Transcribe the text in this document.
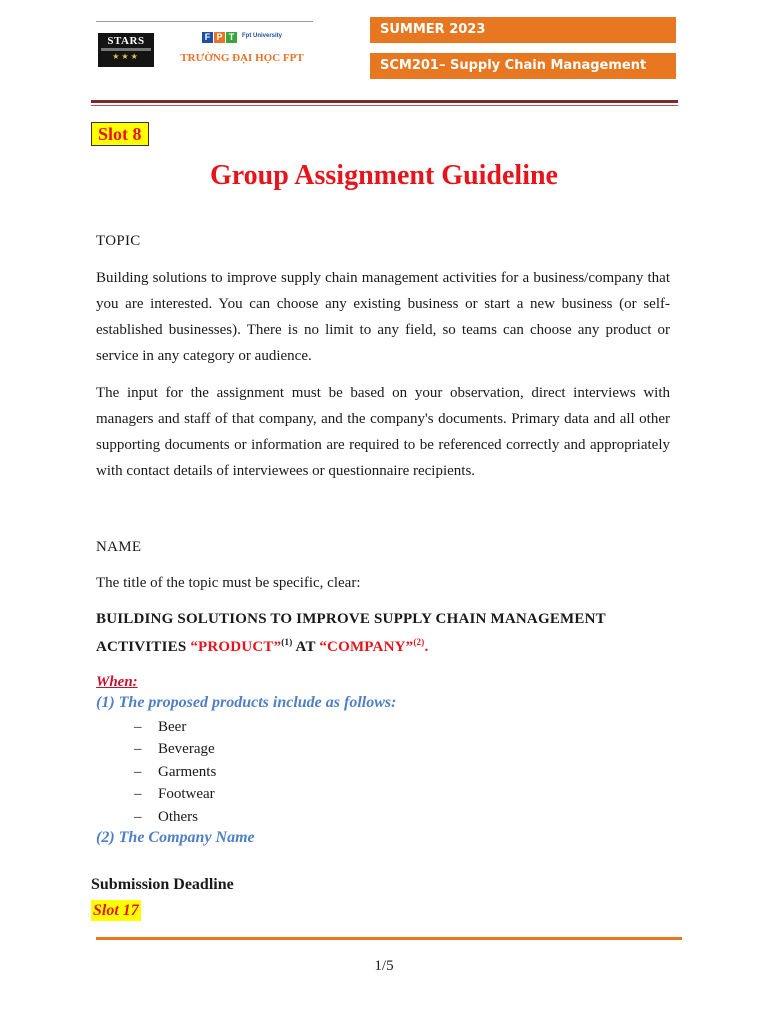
STARS
★★★
F P T	Fpt University
TRƯỜNG ĐẠI HỌC FPT
SUMMER 2023
SCM201– Supply Chain Management
Slot 8
Group Assignment Guideline
TOPIC

Building solutions to improve supply chain management activities for a business/company that you are interested. You can choose any existing business or start a new business (or self-established businesses). There is no limit to any field, so teams can choose any product or service in any category or audience.

The input for the assignment must be based on your observation, direct interviews with managers and staff of that company, and the company's documents. Primary data and all other supporting documents or information are required to be referenced correctly and appropriately with contact details of interviewees or questionnaire recipients.

NAME
The title of the topic must be specific, clear:
BUILDING SOLUTIONS TO IMPROVE SUPPLY CHAIN MANAGEMENT
ACTIVITIES “PRODUCT”$^{(1)}$ AT “COMPANY”$^{(2)}$.
When:
(1) The proposed products include as follows:
– Beer
– Beverage
– Garments
– Footwear
– Others
(2) The Company Name
Submission Deadline
Slot 17
1/5
